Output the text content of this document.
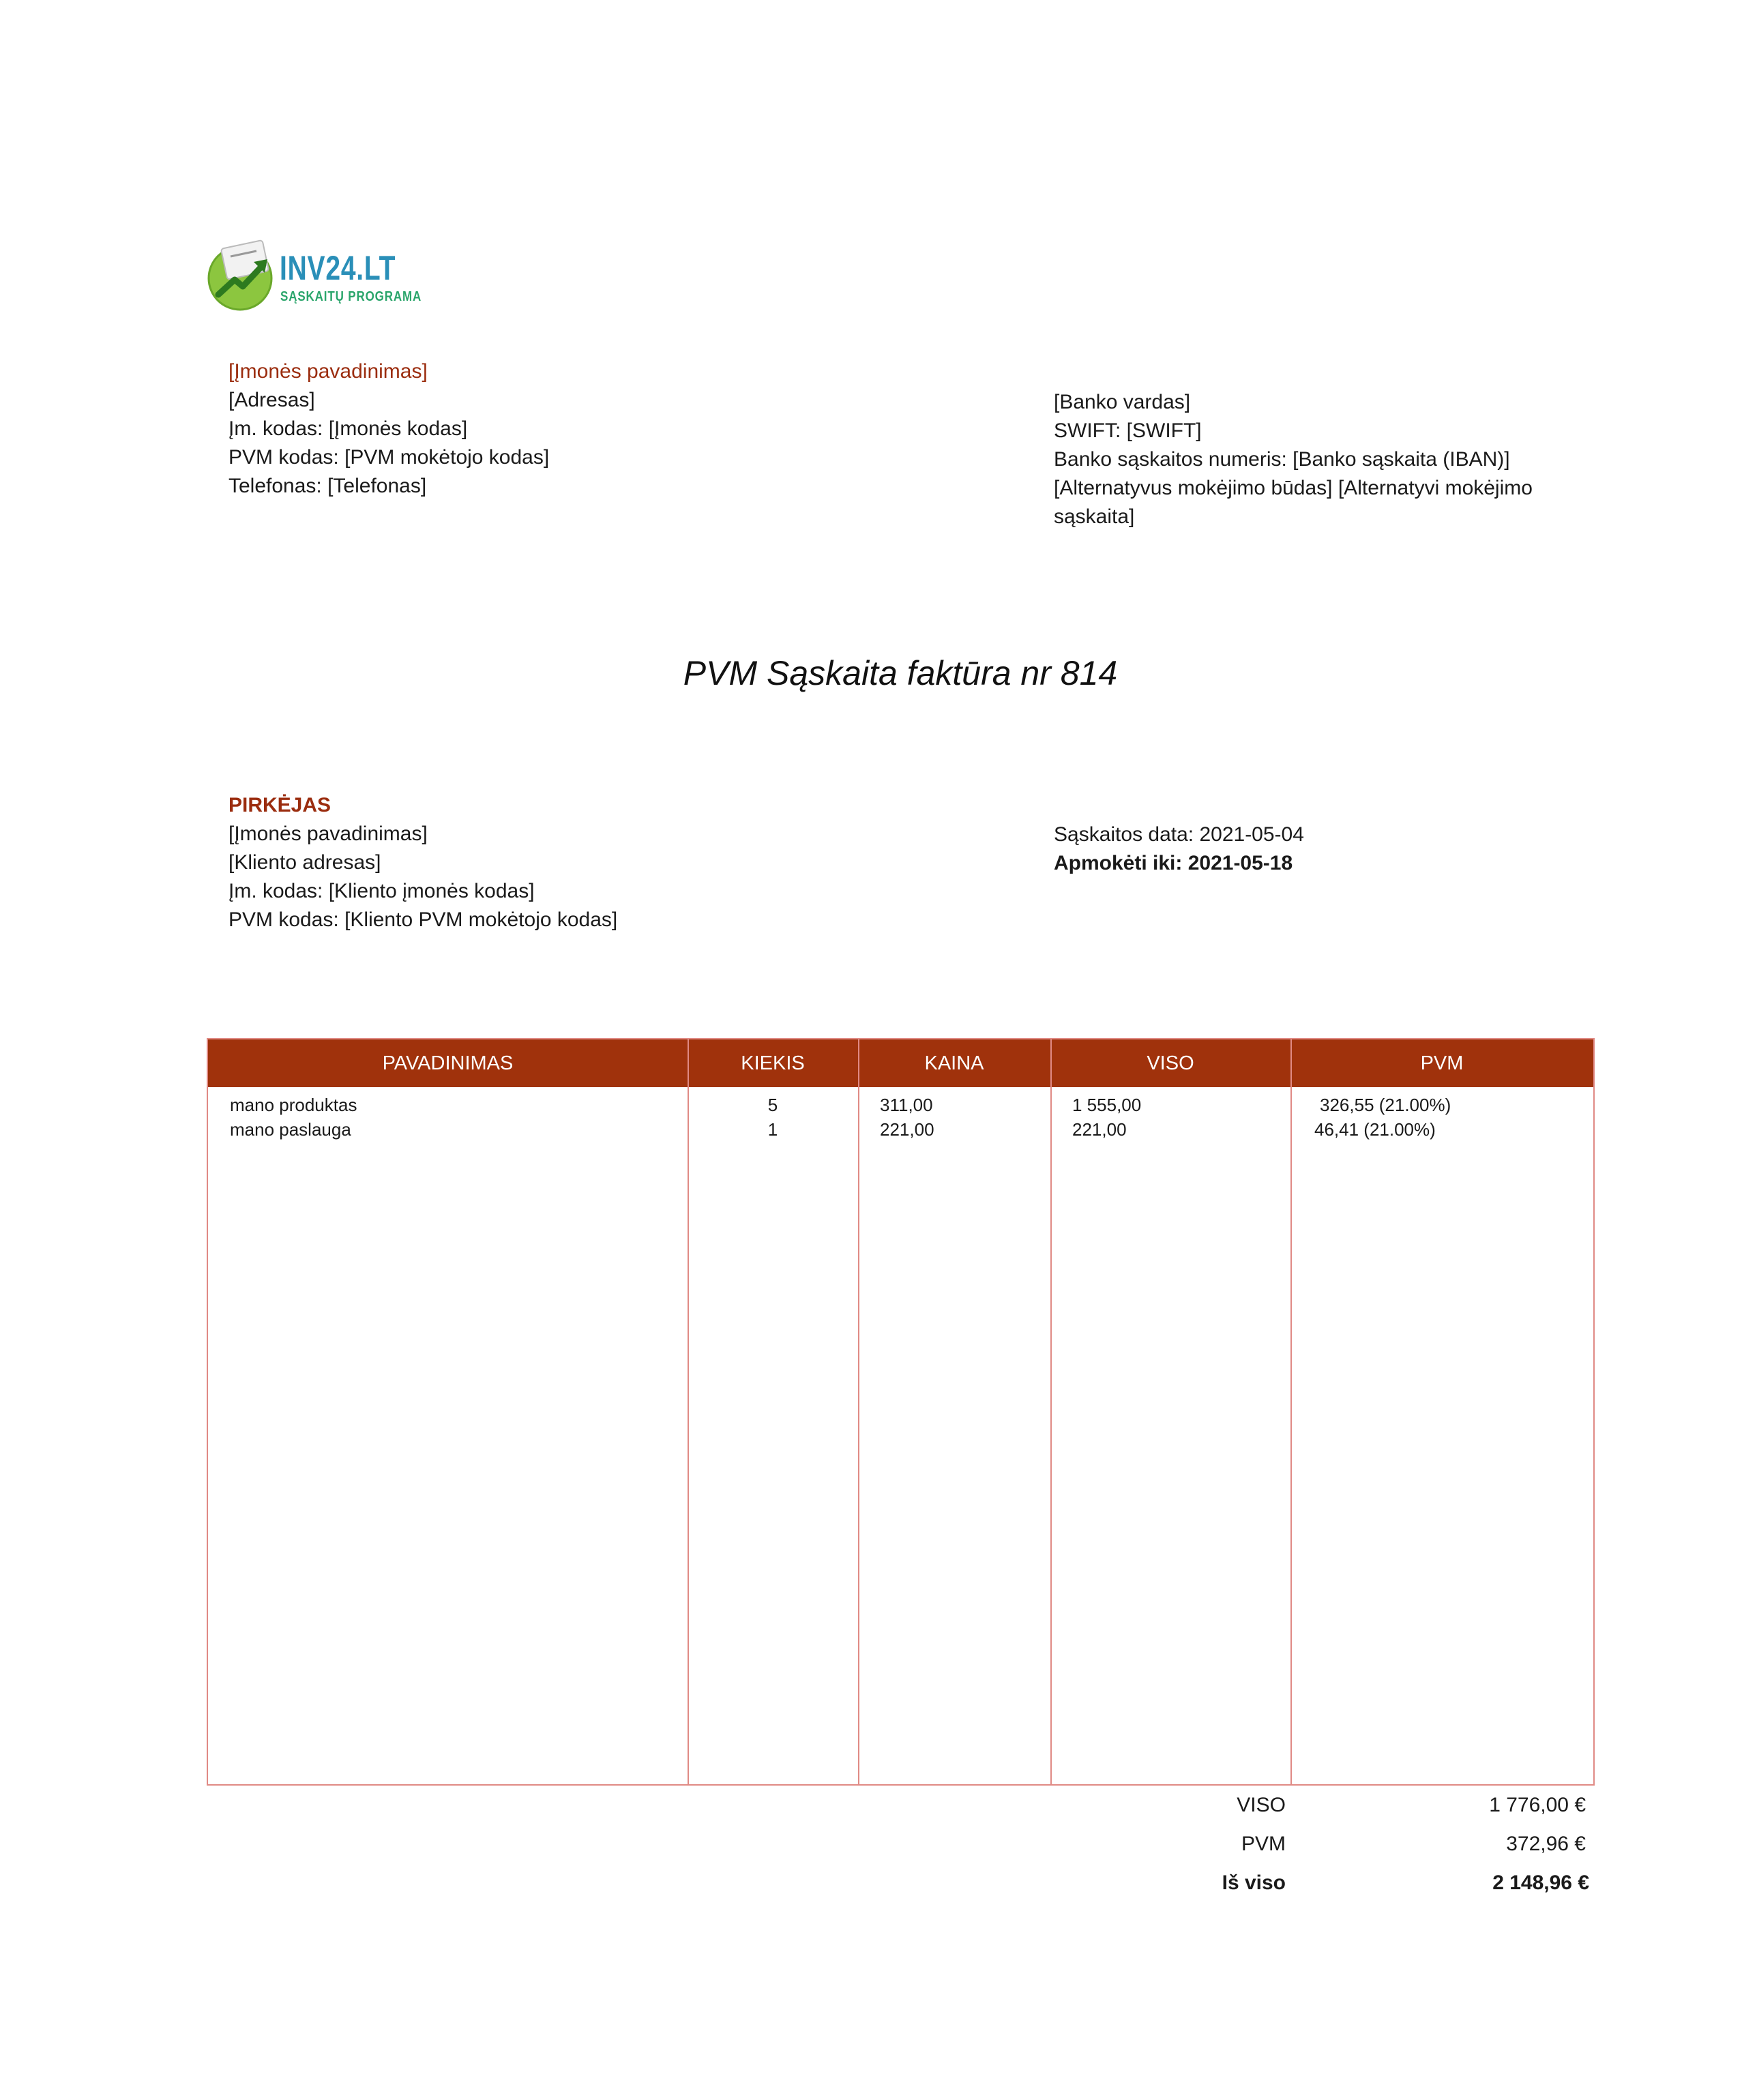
INV24.LT
SĄSKAITŲ PROGRAMA
[Įmonės pavadinimas]
[Adresas]
Įm. kodas: [Įmonės kodas]
PVM kodas: [PVM mokėtojo kodas]
Telefonas: [Telefonas]
[Banko vardas]
SWIFT: [SWIFT]
Banko sąskaitos numeris: [Banko sąskaita (IBAN)]
[Alternatyvus mokėjimo būdas] [Alternatyvi mokėjimo sąskaita]
PVM Sąskaita faktūra nr 814
PIRKĖJAS
[Įmonės pavadinimas]
[Kliento adresas]
Įm. kodas: [Kliento įmonės kodas]
PVM kodas: [Kliento PVM mokėtojo kodas]
Sąskaitos data: 2021-05-04
Apmokėti iki: 2021-05-18
PAVADINIMAS	KIEKIS	KAINA	VISO	PVM
mano produktas	5	311,00	1 555,00	326,55 (21.00%)
mano paslauga	1	221,00	221,00	46,41 (21.00%)
VISO	1 776,00 €
PVM	372,96 €
Iš viso	2 148,96 €
